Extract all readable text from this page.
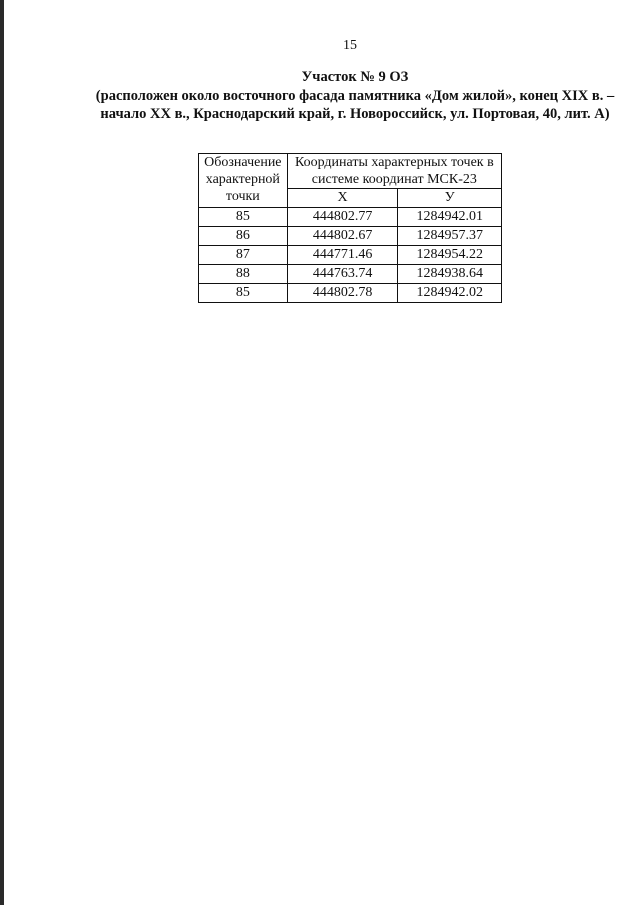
15
Участок № 9 ОЗ
(расположен около восточного фасада памятника «Дом жилой», конец XIX в. – начало XX в., Краснодарский край, г. Новороссийск, ул. Портовая, 40, лит. А)
Обозначение характерной точки	Координаты характерных точек в системе координат МСК-23	
	Х	У
85	444802.77	1284942.01
86	444802.67	1284957.37
87	444771.46	1284954.22
88	444763.74	1284938.64
85	444802.78	1284942.02
